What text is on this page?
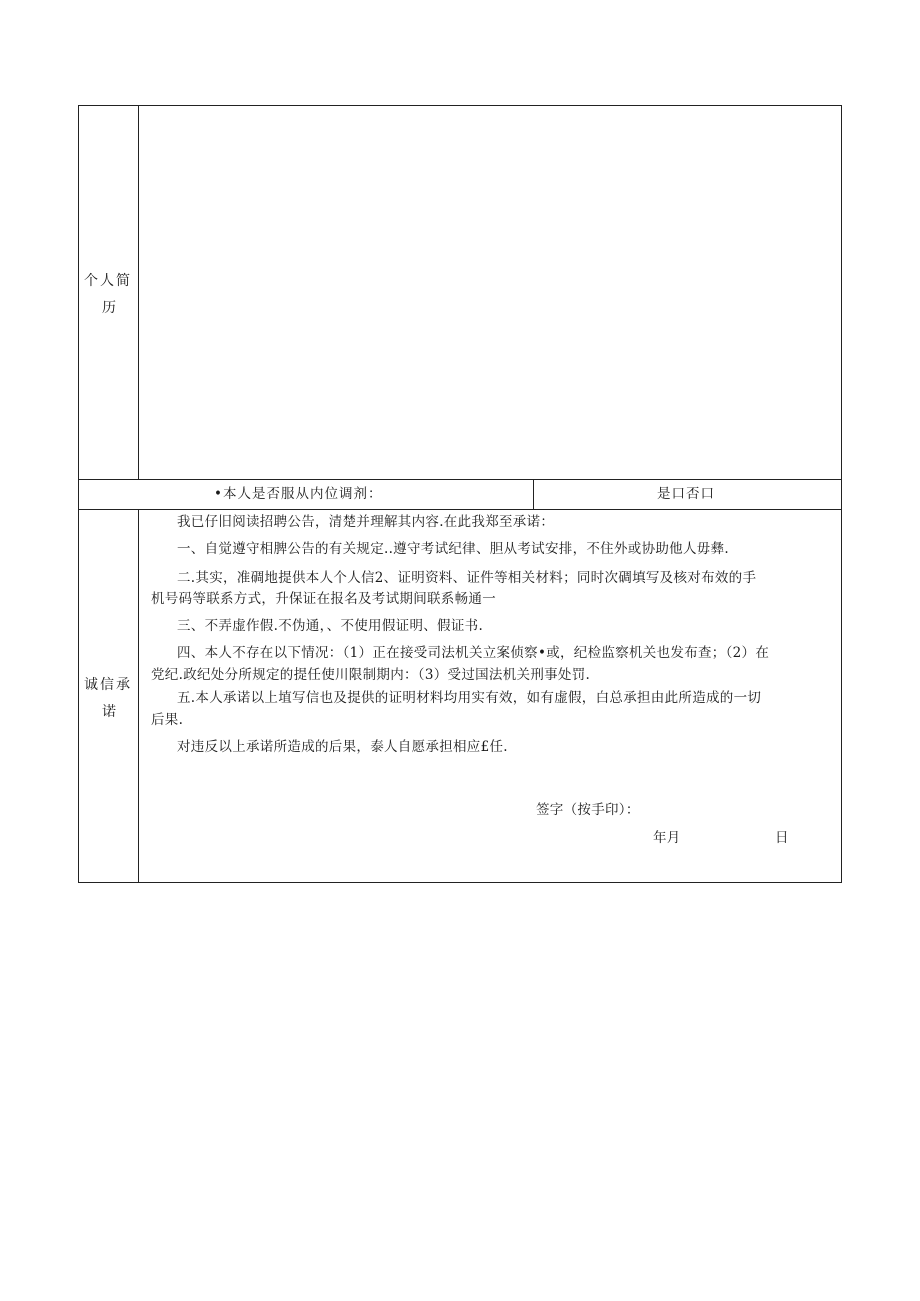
个人简
历
•本人是否服从内位调剂：	是口否口
诚信承
诺
我已仔旧阅读招聘公告，清楚并理解其内容.在此我郑至承诺：
一、自觉遵守相脾公告的有关规定..遵守考试纪律、胆从考试安排，不住外或协助他人毋彝.
二.其实，准碉地提供本人个人信2、证明资料、证件等相关材料；同时次碉填写及核对布效的手
机号码等联系方式，升保证在报名及考试期间联系畅通一
三、不弄虚作假.不伪通，、不使用假证明、假证书.
四、本人不存在以下情况：（1）正在接受司法机关立案侦察•或，纪检监察机关也发布查；（2）在
党纪.政纪处分所规定的提任使川限制期内：（3）受过国法机关刑事处罚.
五.本人承诺以上埴写信也及提供的证明材料均用实有效，如有虚假，白总承担由此所造成的一切
后果.
对违反以上承诺所造成的后果，泰人自愿承担相应£任.
签字（按手印）：
年月	日
